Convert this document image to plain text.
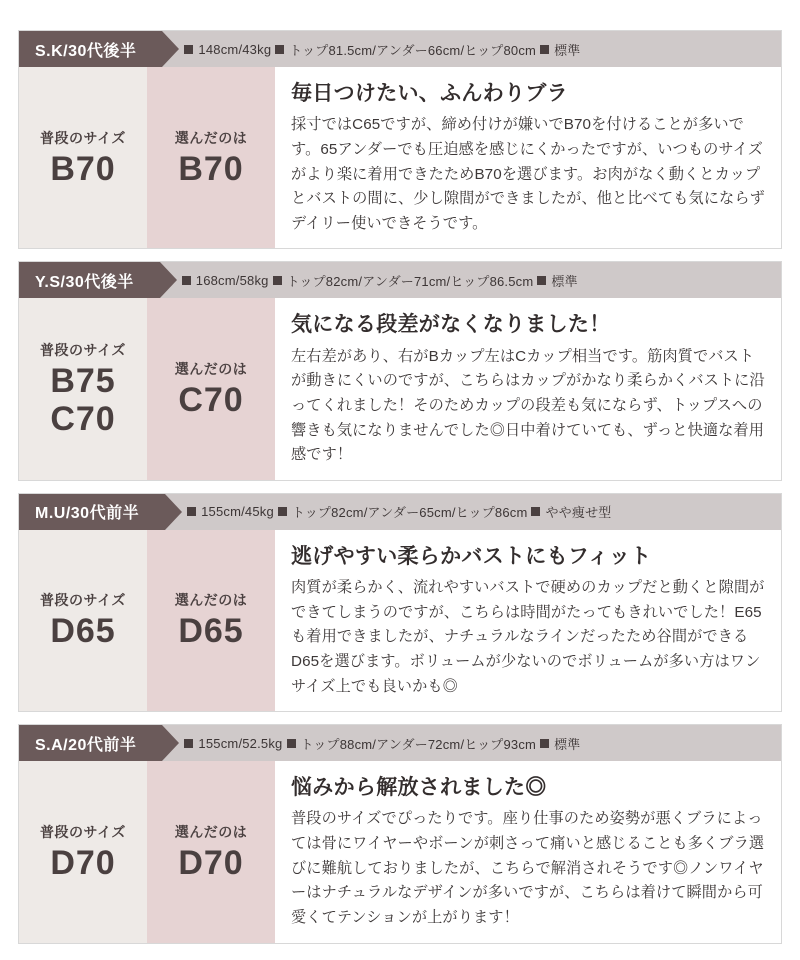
S.K/30代後半	148cm/43kg トップ81.5cm/アンダー66cm/ヒップ80cm 標準
普段のサイズ
B70
選んだのは
B70
毎日つけたい、ふんわりブラ

採寸ではC65ですが、締め付けが嫌いでB70を付けることが多いです。65アンダーでも圧迫感を感じにくかったですが、いつものサイズがより楽に着用できたためB70を選びます。お肉がなく動くとカップとバストの間に、少し隙間ができましたが、他と比べても気にならずデイリー使いできそうです。

Y.S/30代後半	168cm/58kg トップ82cm/アンダー71cm/ヒップ86.5cm 標準
普段のサイズ
B75
C70
選んだのは
C70
気になる段差がなくなりました！

左右差があり、右がBカップ左はCカップ相当です。筋肉質でバストが動きにくいのですが、こちらはカップがかなり柔らかくバストに沿ってくれました！そのためカップの段差も気にならず、トップスへの響きも気になりませんでした◎日中着けていても、ずっと快適な着用感です！

M.U/30代前半	155cm/45kg トップ82cm/アンダー65cm/ヒップ86cm やや痩せ型
普段のサイズ
D65
選んだのは
D65
逃げやすい柔らかバストにもフィット

肉質が柔らかく、流れやすいバストで硬めのカップだと動くと隙間ができてしまうのですが、こちらは時間がたってもきれいでした！E65も着用できましたが、ナチュラルなラインだったため谷間ができるD65を選びます。ボリュームが少ないのでボリュームが多い方はワンサイズ上でも良いかも◎

S.A/20代前半	155cm/52.5kg トップ88cm/アンダー72cm/ヒップ93cm 標準
普段のサイズ
D70
選んだのは
D70
悩みから解放されました◎

普段のサイズでぴったりです。座り仕事のため姿勢が悪くブラによっては骨にワイヤーやボーンが刺さって痛いと感じることも多くブラ選びに難航しておりましたが、こちらで解消されそうです◎ノンワイヤーはナチュラルなデザインが多いですが、こちらは着けて瞬間から可愛くてテンションが上がります！
